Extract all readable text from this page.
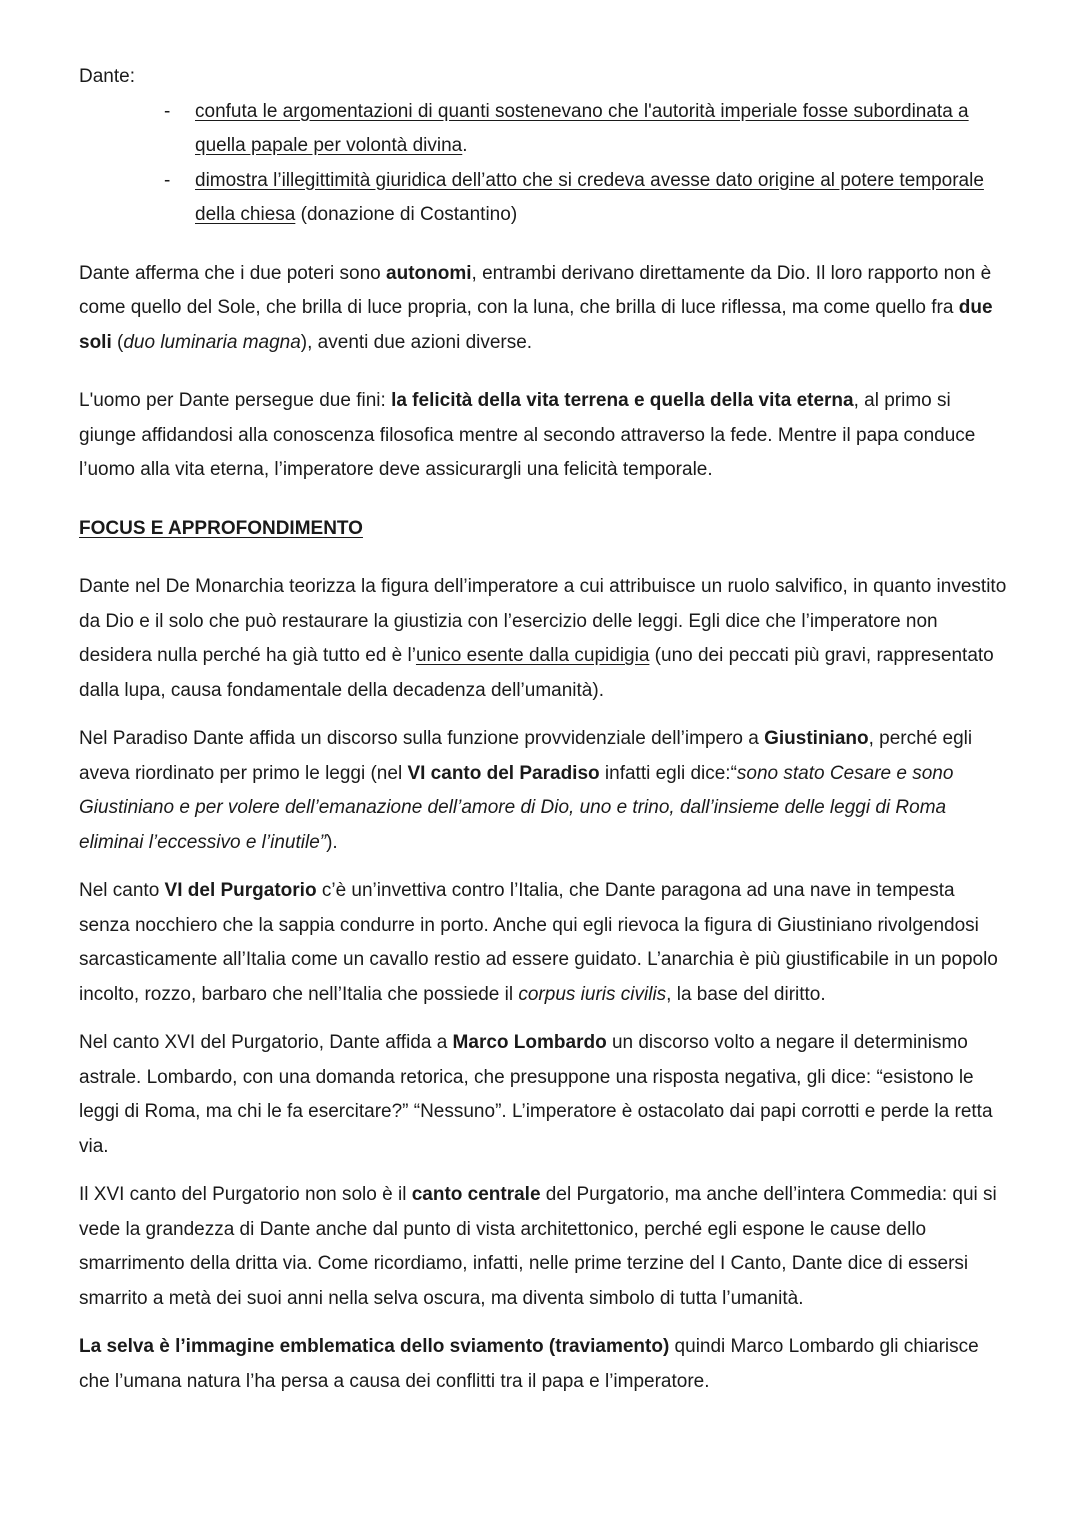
Dante:

- confuta le argomentazioni di quanti sostenevano che l'autorità imperiale fosse subordinata a quella papale per volontà divina.
- dimostra l’illegittimità giuridica dell’atto che si credeva avesse dato origine al potere temporale della chiesa (donazione di Costantino)

Dante afferma che i due poteri sono autonomi, entrambi derivano direttamente da Dio. Il loro rapporto non è come quello del Sole, che brilla di luce propria, con la luna, che brilla di luce riflessa, ma come quello fra due soli (duo luminaria magna), aventi due azioni diverse.

L'uomo per Dante persegue due fini: la felicità della vita terrena e quella della vita eterna, al primo si giunge affidandosi alla conoscenza filosofica mentre al secondo attraverso la fede. Mentre il papa conduce l’uomo alla vita eterna, l’imperatore deve assicurargli una felicità temporale.

FOCUS E APPROFONDIMENTO

Dante nel De Monarchia teorizza la figura dell’imperatore a cui attribuisce un ruolo salvifico, in quanto investito da Dio e il solo che può restaurare la giustizia con l’esercizio delle leggi. Egli dice che l’imperatore non desidera nulla perché ha già tutto ed è l’unico esente dalla cupidigia (uno dei peccati più gravi, rappresentato dalla lupa, causa fondamentale della decadenza dell’umanità).

Nel Paradiso Dante affida un discorso sulla funzione provvidenziale dell’impero a Giustiniano, perché egli aveva riordinato per primo le leggi (nel VI canto del Paradiso infatti egli dice:“sono stato Cesare e sono Giustiniano e per volere dell’emanazione dell’amore di Dio, uno e trino, dall’insieme delle leggi di Roma eliminai l’eccessivo e l’inutile”).

Nel canto VI del Purgatorio c’è un’invettiva contro l’Italia, che Dante paragona ad una nave in tempesta senza nocchiero che la sappia condurre in porto. Anche qui egli rievoca la figura di Giustiniano rivolgendosi sarcasticamente all’Italia come un cavallo restio ad essere guidato. L’anarchia è più giustificabile in un popolo incolto, rozzo, barbaro che nell’Italia che possiede il corpus iuris civilis, la base del diritto.

Nel canto XVI del Purgatorio, Dante affida a Marco Lombardo un discorso volto a negare il determinismo astrale. Lombardo, con una domanda retorica, che presuppone una risposta negativa, gli dice: “esistono le leggi di Roma, ma chi le fa esercitare?” “Nessuno”. L’imperatore è ostacolato dai papi corrotti e perde la retta via.

Il XVI canto del Purgatorio non solo è il canto centrale del Purgatorio, ma anche dell’intera Commedia: qui si vede la grandezza di Dante anche dal punto di vista architettonico, perché egli espone le cause dello smarrimento della dritta via. Come ricordiamo, infatti, nelle prime terzine del I Canto, Dante dice di essersi smarrito a metà dei suoi anni nella selva oscura, ma diventa simbolo di tutta l’umanità.

La selva è l’immagine emblematica dello sviamento (traviamento) quindi Marco Lombardo gli chiarisce che l’umana natura l’ha persa a causa dei conflitti tra il papa e l’imperatore.
